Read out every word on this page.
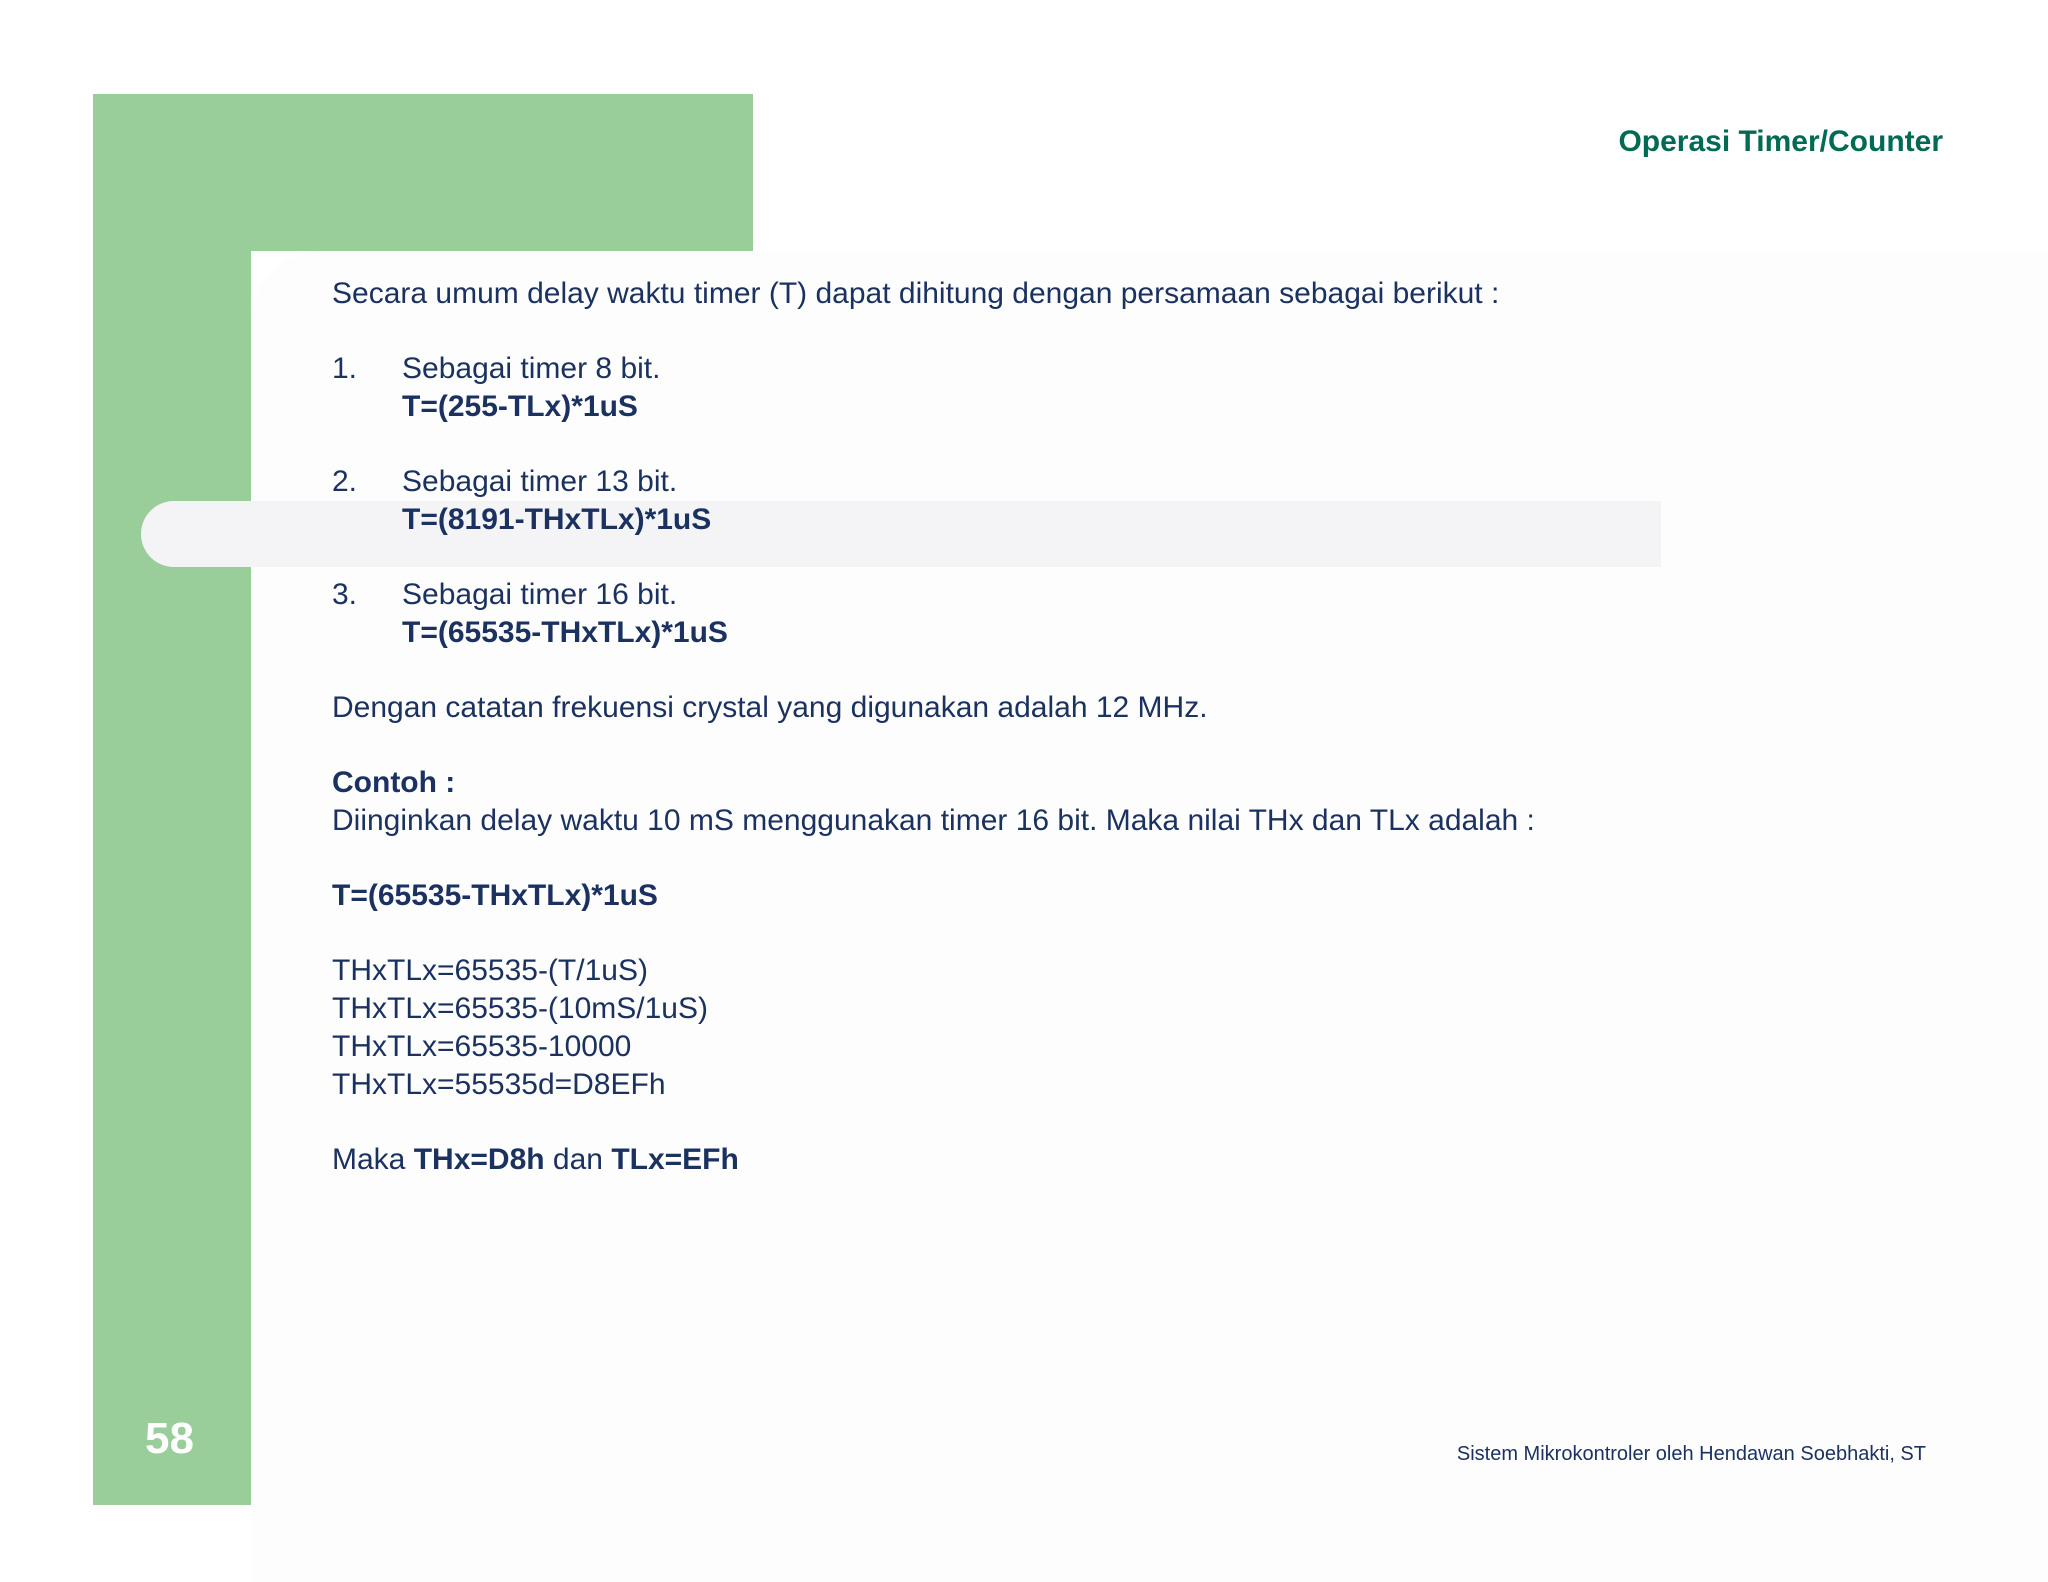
Operasi Timer/Counter
Secara umum delay waktu timer (T) dapat dihitung dengan persamaan sebagai berikut :
1. Sebagai timer 8 bit.
T=(255-TLx)*1uS
2. Sebagai timer 13 bit.
T=(8191-THxTLx)*1uS
3. Sebagai timer 16 bit.
T=(65535-THxTLx)*1uS
Dengan catatan frekuensi crystal yang digunakan adalah 12 MHz.
Contoh :
Diinginkan delay waktu 10 mS menggunakan timer 16 bit. Maka nilai THx dan TLx adalah :
T=(65535-THxTLx)*1uS
THxTLx=65535-(T/1uS)
THxTLx=65535-(10mS/1uS)
THxTLx=65535-10000
THxTLx=55535d=D8EFh
Maka THx=D8h dan TLx=EFh
58	Sistem Mikrokontroler oleh Hendawan Soebhakti, ST
